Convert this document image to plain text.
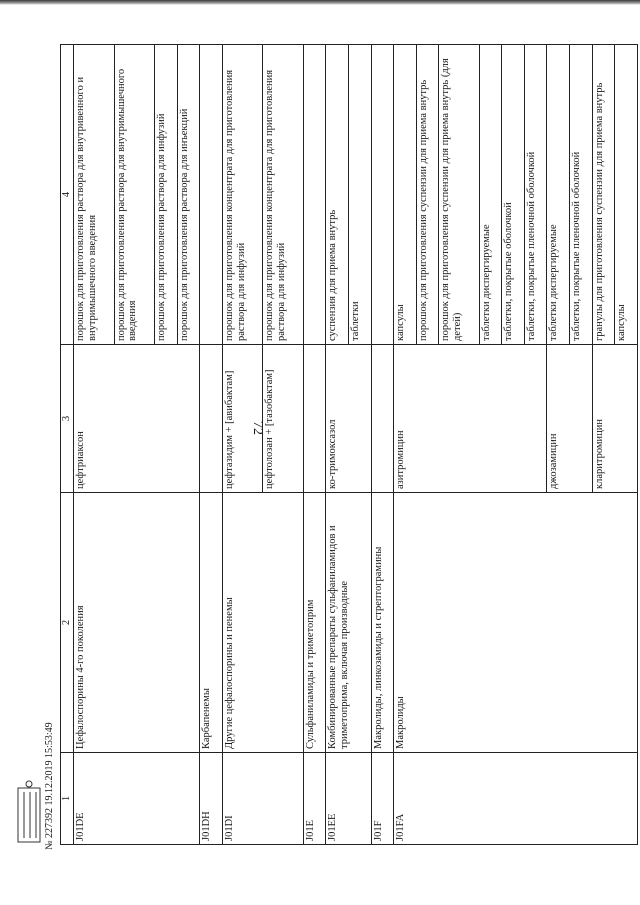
72
1	2	3	4
J01DE	Цефалоспорины 4-го поколения	цефтриаксон	порошок для приготовления раствора для внутривенного и внутримышечного введения
			порошок для приготовления раствора для внутримышечного введения
			порошок для приготовления раствора для инфузий
			порошок для приготовления раствора для инъекций
J01DH	Карбапенемы		
J01DI	Другие цефалоспорины и пенемы	цефтазидим + [авибактам]	порошок для приготовления концентрата для приготовления раствора для инфузий
		цефтолозан + [тазобактам]	порошок для приготовления концентрата для приготовления раствора для инфузий
J01E	Сульфаниламиды и триметоприм		
J01EE	Комбинированные препараты сульфаниламидов и триметоприма, включая производные	ко-тримоксазол	суспензия для приема внутрь
			таблетки
J01F	Макролиды, линкозамиды и стрептограмины		
J01FA	Макролиды	азитромицин	капсулы
			порошок для приготовления суспензии для приема внутрь
			порошок для приготовления суспензии для приема внутрь (для детей)
			таблетки диспергируемые
			таблетки, покрытые оболочкой
			таблетки, покрытые пленочной оболочкой
		джозамицин	таблетки диспергируемые
			таблетки, покрытые пленочной оболочкой
		кларитромицин	гранулы для приготовления суспензии для приема внутрь
			капсулы
№ 227392 19.12.2019 15:53:49
